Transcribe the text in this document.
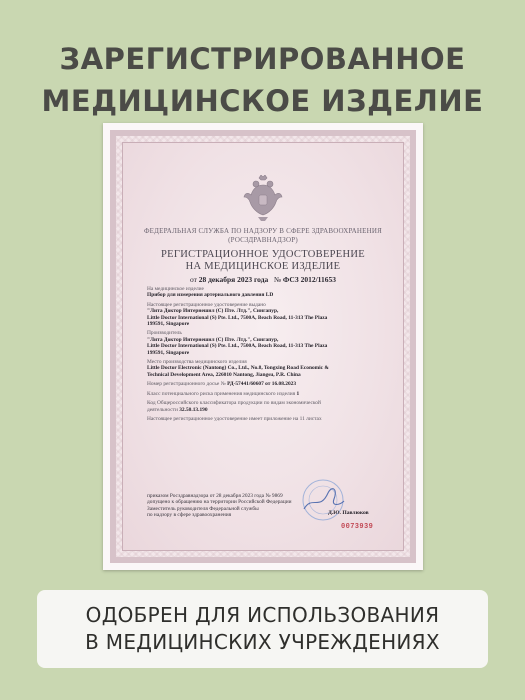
ЗАРЕГИСТРИРОВАННОЕ
МЕДИЦИНСКОЕ ИЗДЕЛИЕ
ФЕДЕРАЛЬНАЯ СЛУЖБА ПО НАДЗОРУ В СФЕРЕ ЗДРАВООХРАНЕНИЯ
(РОСЗДРАВНАДЗОР)
РЕГИСТРАЦИОННОЕ УДОСТОВЕРЕНИЕ
НА МЕДИЦИНСКОЕ ИЗДЕЛИЕ
от 28 декабря 2023 года № ФСЗ 2012/11653
На медицинское изделие
Прибор для измерения артериального давления LD
Настоящее регистрационное удостоверение выдано
"Лита Доктор Интернешнл (С) Пте. Лтд.", Сингапур,
Little Doctor International (S) Pte. Ltd., 7500A, Beach Road, 11-313 The Plaza
199591, Singapore
Производитель
"Лита Доктор Интернешнл (С) Пте. Лтд.", Сингапур,
Little Doctor International (S) Pte. Ltd., 7500A, Beach Road, 11-313 The Plaza
199591, Singapore
Место производства медицинского изделия
Little Doctor Electronic (Nantong) Co., Ltd., No.8, Tongxing Road Economic &
Technical Development Area, 226010 Nantong, Jiangsu, P.R. China
Номер регистрационного досье № РД-57441/60607 от 16.08.2023
Класс потенциального риска применения медицинского изделия 1
Код Общероссийского классификатора продукции по видам экономической
деятельности 32.50.13.190
Настоящее регистрационное удостоверение имеет приложение на 11 листах
приказом Росздравнадзора от 28 декабря 2023 года № 9869
допущено к обращению на территории Российской Федерации
Заместитель руководителя Федеральной службы
по надзору в сфере здравоохранения	Д.Ю. Павлюков
0073939
ОДОБРЕН ДЛЯ ИСПОЛЬЗОВАНИЯ
В МЕДИЦИНСКИХ УЧРЕЖДЕНИЯХ
